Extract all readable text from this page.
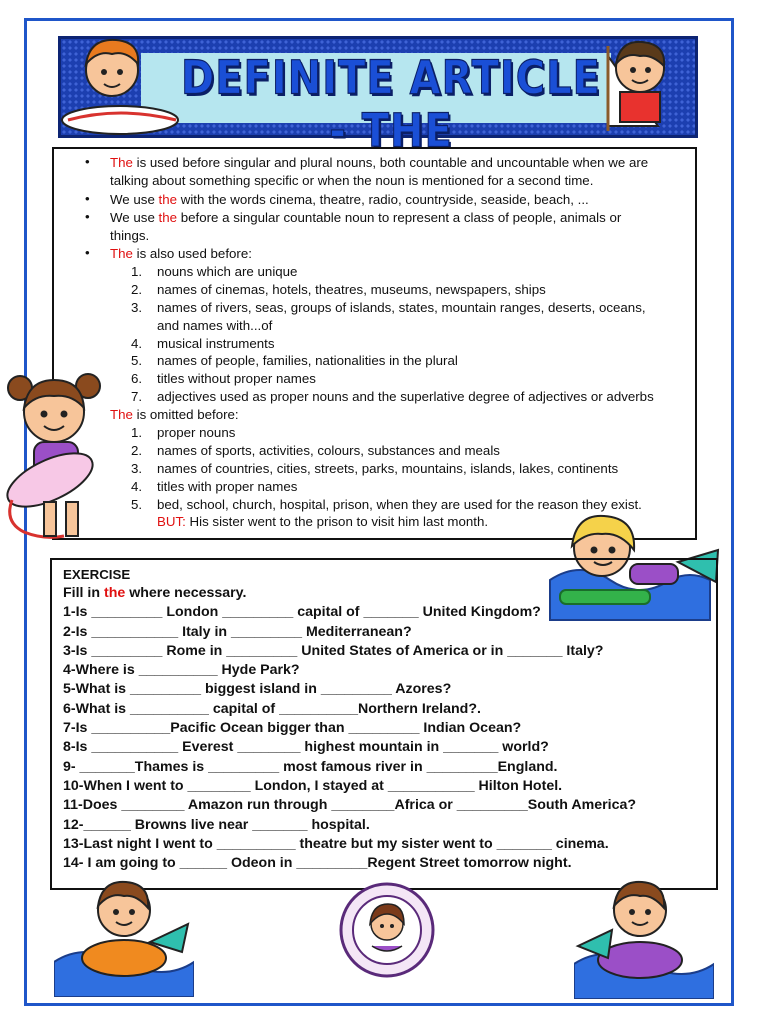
DEFINITE ARTICLE - THE
• The is used before singular and plural nouns, both countable and uncountable when we are
talking about something specific or when the noun is mentioned for a second time.
• We use the with the words cinema, theatre, radio, countryside, seaside, beach, ...
• We use the before a singular countable noun to represent a class of people, animals or
things.
• The is also used before:
1. nouns which are unique
2. names of cinemas, hotels, theatres, museums, newspapers, ships
3. names of rivers, seas, groups of islands, states, mountain ranges, deserts, oceans,
and names with...of
4. musical instruments
5. names of people, families, nationalities in the plural
6. titles without proper names
7. adjectives used as proper nouns and the superlative degree of adjectives or adverbs
The is omitted before:
1. proper nouns
2. names of sports, activities, colours, substances and meals
3. names of countries, cities, streets, parks, mountains, islands, lakes, continents
4. titles with proper names
5. bed, school, church, hospital, prison, when they are used for the reason they exist.
BUT: His sister went to the prison to visit him last month.
EXERCISE
Fill in the where necessary.
1-Is _________ London _________ capital of _______ United Kingdom?
2-Is ___________ Italy in _________ Mediterranean?
3-Is _________ Rome in _________ United States of America or in _______ Italy?
4-Where is __________ Hyde Park?
5-What is _________ biggest island in _________ Azores?
6-What is __________ capital of __________Northern Ireland?.
7-Is __________Pacific Ocean bigger than _________ Indian Ocean?
8-Is ___________ Everest ________ highest mountain in _______ world?
9- _______Thames is _________ most famous river in _________England.
10-When I went to ________ London, I stayed at ___________ Hilton Hotel.
11-Does ________ Amazon run through ________Africa or _________South America?
12-______ Browns live near _______ hospital.
13-Last night I went to __________ theatre but my sister went to _______ cinema.
14- I am going to ______ Odeon in _________Regent Street tomorrow night.
